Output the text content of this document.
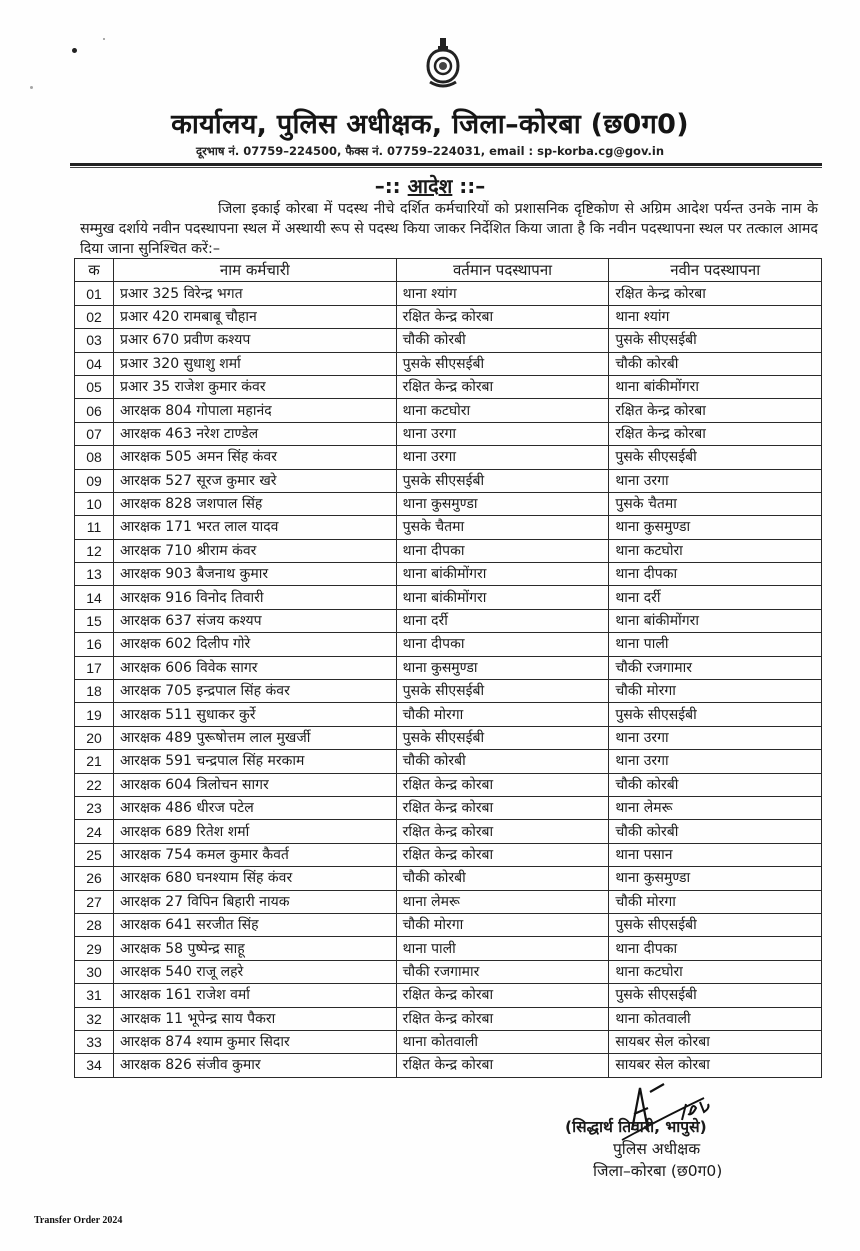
कार्यालय, पुलिस अधीक्षक, जिला–कोरबा (छ0ग0)
दूरभाष नं. 07759–224500, फैक्स नं. 07759–224031, email : sp-korba.cg@gov.in
–:: आदेश ::–
जिला इकाई कोरबा में पदस्थ नीचे दर्शित कर्मचारियों को प्रशासनिक दृष्टिकोण से अग्रिम आदेश पर्यन्त उनके नाम के सम्मुख दर्शाये नवीन पदस्थापना स्थल में अस्थायी रूप से पदस्थ किया जाकर निर्देशित किया जाता है कि नवीन पदस्थापना स्थल पर तत्काल आमद दिया जाना सुनिश्चित करें:–
क	नाम कर्मचारी	वर्तमान पदस्थापना	नवीन पदस्थापना
01	प्रआर 325 विरेन्द्र भगत	थाना श्यांग	रक्षित केन्द्र कोरबा
02	प्रआर 420 रामबाबू चौहान	रक्षित केन्द्र कोरबा	थाना श्यांग
03	प्रआर 670 प्रवीण कश्यप	चौकी कोरबी	पुसके सीएसईबी
04	प्रआर 320 सुधाशु शर्मा	पुसके सीएसईबी	चौकी कोरबी
05	प्रआर 35 राजेश कुमार कंवर	रक्षित केन्द्र कोरबा	थाना बांकीमोंगरा
06	आरक्षक 804 गोपाला महानंद	थाना कटघोरा	रक्षित केन्द्र कोरबा
07	आरक्षक 463 नरेश टाण्डेल	थाना उरगा	रक्षित केन्द्र कोरबा
08	आरक्षक 505 अमन सिंह कंवर	थाना उरगा	पुसके सीएसईबी
09	आरक्षक 527 सूरज कुमार खरे	पुसके सीएसईबी	थाना उरगा
10	आरक्षक 828 जशपाल सिंह	थाना कुसमुण्डा	पुसके चैतमा
11	आरक्षक 171 भरत लाल यादव	पुसके चैतमा	थाना कुसमुण्डा
12	आरक्षक 710 श्रीराम कंवर	थाना दीपका	थाना कटघोरा
13	आरक्षक 903 बैजनाथ कुमार	थाना बांकीमोंगरा	थाना दीपका
14	आरक्षक 916 विनोद तिवारी	थाना बांकीमोंगरा	थाना दर्री
15	आरक्षक 637 संजय कश्यप	थाना दर्री	थाना बांकीमोंगरा
16	आरक्षक 602 दिलीप गोरे	थाना दीपका	थाना पाली
17	आरक्षक 606 विवेक सागर	थाना कुसमुण्डा	चौकी रजगामार
18	आरक्षक 705 इन्द्रपाल सिंह कंवर	पुसके सीएसईबी	चौकी मोरगा
19	आरक्षक 511 सुधाकर कुर्रे	चौकी मोरगा	पुसके सीएसईबी
20	आरक्षक 489 पुरूषोत्तम लाल मुखर्जी	पुसके सीएसईबी	थाना उरगा
21	आरक्षक 591 चन्द्रपाल सिंह मरकाम	चौकी कोरबी	थाना उरगा
22	आरक्षक 604 त्रिलोचन सागर	रक्षित केन्द्र कोरबा	चौकी कोरबी
23	आरक्षक 486 धीरज पटेल	रक्षित केन्द्र कोरबा	थाना लेमरू
24	आरक्षक 689 रितेश शर्मा	रक्षित केन्द्र कोरबा	चौकी कोरबी
25	आरक्षक 754 कमल कुमार कैवर्त	रक्षित केन्द्र कोरबा	थाना पसान
26	आरक्षक 680 घनश्याम सिंह कंवर	चौकी कोरबी	थाना कुसमुण्डा
27	आरक्षक 27 विपिन बिहारी नायक	थाना लेमरू	चौकी मोरगा
28	आरक्षक 641 सरजीत सिंह	चौकी मोरगा	पुसके सीएसईबी
29	आरक्षक 58 पुष्पेन्द्र साहू	थाना पाली	थाना दीपका
30	आरक्षक 540 राजू लहरे	चौकी रजगामार	थाना कटघोरा
31	आरक्षक 161 राजेश वर्मा	रक्षित केन्द्र कोरबा	पुसके सीएसईबी
32	आरक्षक 11 भूपेन्द्र साय पैकरा	रक्षित केन्द्र कोरबा	थाना कोतवाली
33	आरक्षक 874 श्याम कुमार सिदार	थाना कोतवाली	सायबर सेल कोरबा
34	आरक्षक 826 संजीव कुमार	रक्षित केन्द्र कोरबा	सायबर सेल कोरबा
(सिद्धार्थ तिवारी, भापुसे)
पुलिस अधीक्षक
जिला–कोरबा (छ0ग0)
Transfer Order 2024
